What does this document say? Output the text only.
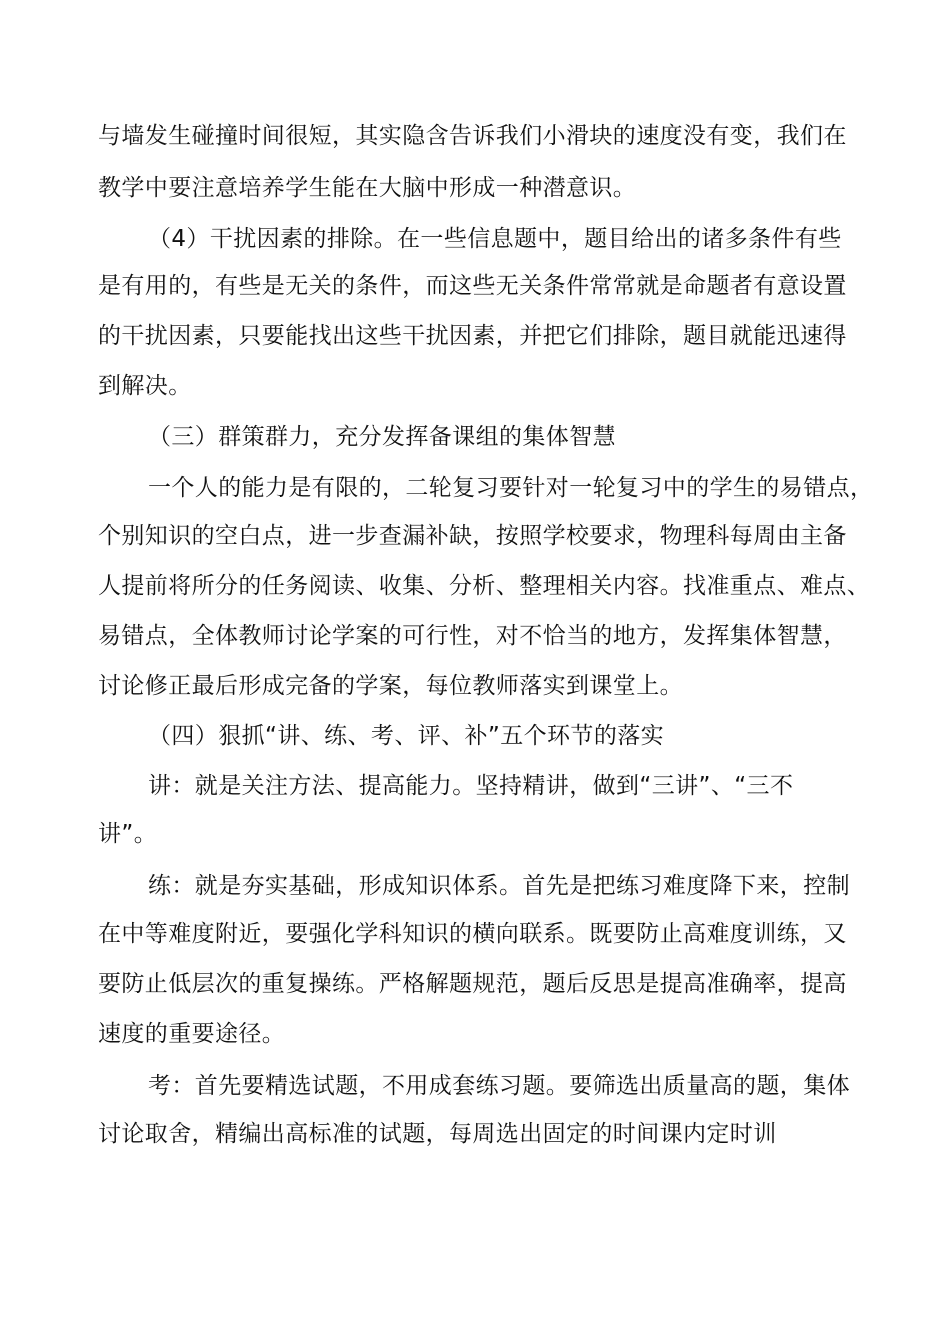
与墙发生碰撞时间很短，其实隐含告诉我们小滑块的速度没有变，我们在
教学中要注意培养学生能在大脑中形成一种潜意识。
（4）干扰因素的排除。在一些信息题中，题目给出的诸多条件有些
是有用的，有些是无关的条件，而这些无关条件常常就是命题者有意设置
的干扰因素，只要能找出这些干扰因素，并把它们排除，题目就能迅速得
到解决。
（三）群策群力，充分发挥备课组的集体智慧
一个人的能力是有限的，二轮复习要针对一轮复习中的学生的易错点，
个别知识的空白点，进一步查漏补缺，按照学校要求，物理科每周由主备
人提前将所分的任务阅读、收集、分析、整理相关内容。找准重点、难点、
易错点，全体教师讨论学案的可行性，对不恰当的地方，发挥集体智慧，
讨论修正最后形成完备的学案，每位教师落实到课堂上。
（四）狠抓“讲、练、考、评、补”五个环节的落实
讲：就是关注方法、提高能力。坚持精讲，做到“三讲”、“三不
讲”。
练：就是夯实基础，形成知识体系。首先是把练习难度降下来，控制
在中等难度附近，要强化学科知识的横向联系。既要防止高难度训练，又
要防止低层次的重复操练。严格解题规范，题后反思是提高准确率，提高
速度的重要途径。
考：首先要精选试题，不用成套练习题。要筛选出质量高的题，集体
讨论取舍，精编出高标准的试题，每周选出固定的时间课内定时训
